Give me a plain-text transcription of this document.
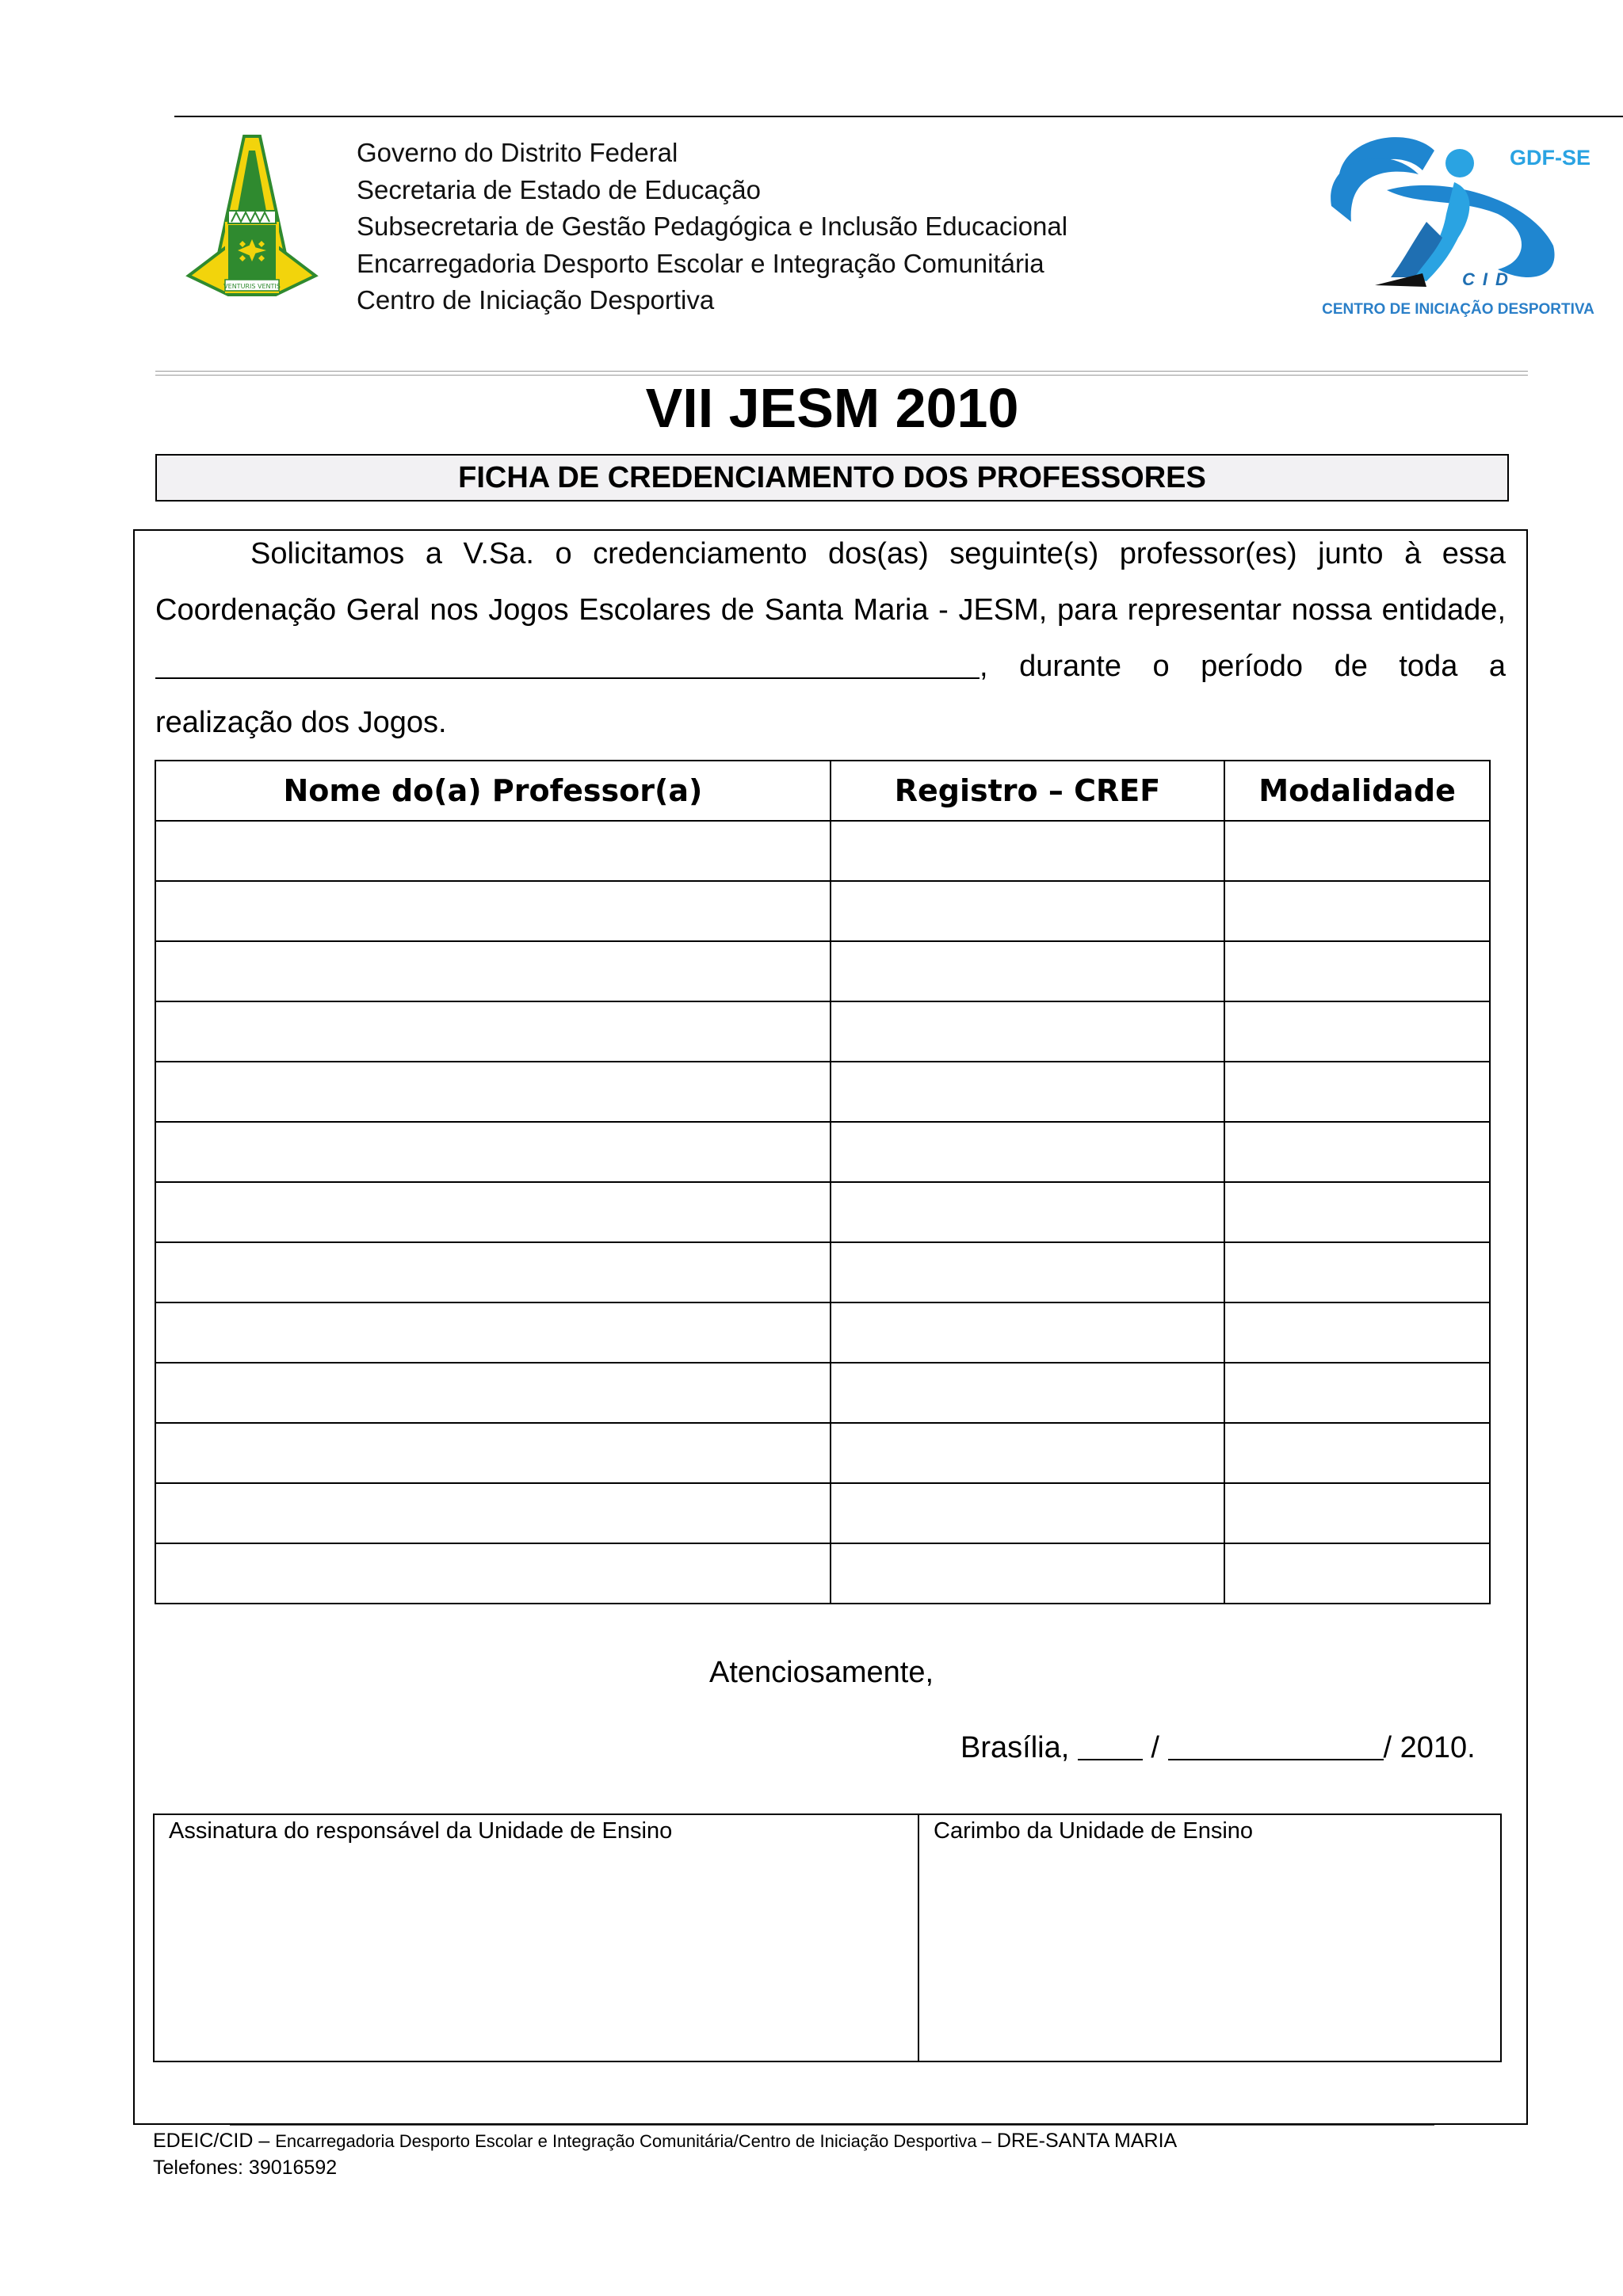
VENTURIS VENTIS
Governo do Distrito Federal
Secretaria de Estado de Educação
Subsecretaria de Gestão Pedagógica e Inclusão Educacional
Encarregadoria Desporto Escolar e Integração Comunitária
Centro de Iniciação Desportiva
GDF-SE
CID
CENTRO DE INICIAÇÃO DESPORTIVA
VII JESM 2010
FICHA DE CREDENCIAMENTO DOS PROFESSORES
Solicitamos a V.Sa. o credenciamento dos(as) seguinte(s) professor(es) junto à essa Coordenação Geral nos Jogos Escolares de Santa Maria - JESM, para representar nossa entidade, , durante o período de toda a realização dos Jogos.
Nome do(a) Professor(a)	Registro – CREF	Modalidade

Atenciosamente,
Brasília,	/	/ 2010.
Assinatura do responsável da Unidade de Ensino	Carimbo da Unidade de Ensino
EDEIC/CID – Encarregadoria Desporto Escolar e Integração Comunitária/Centro de Iniciação Desportiva – DRE-SANTA MARIA
Telefones: 39016592
